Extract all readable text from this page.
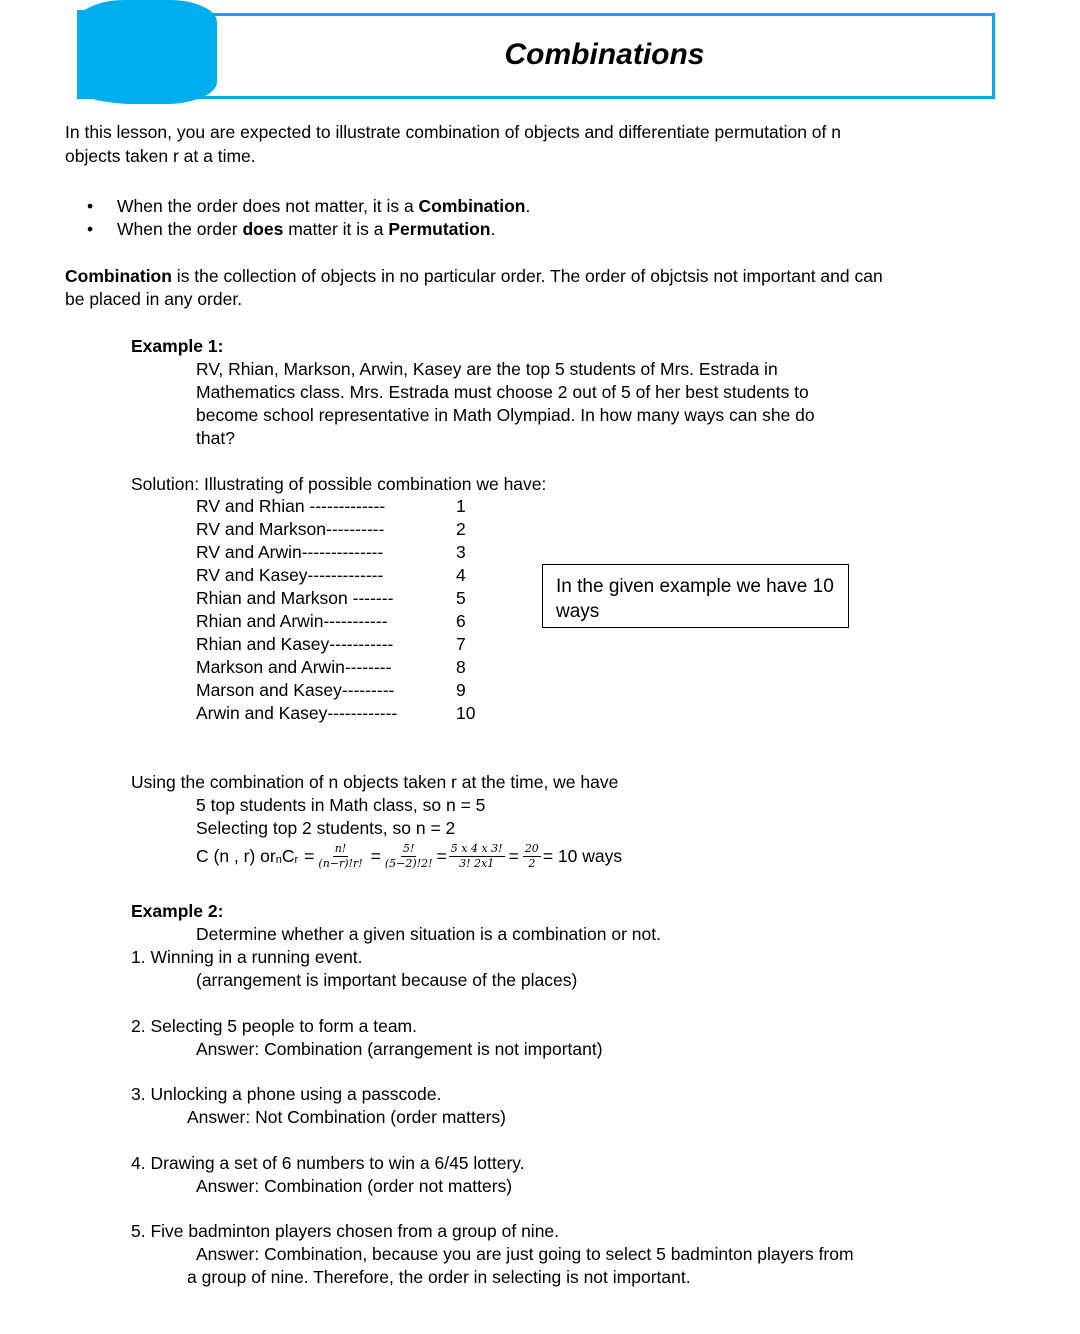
Combinations
In this lesson, you are expected to illustrate combination of objects and differentiate permutation of n
objects taken r at a time.
• When the order does not matter, it is a Combination.
• When the order does matter it is a Permutation.
Combination is the collection of objects in no particular order. The order of objctsis not important and can
be placed in any order.
Example 1:
RV, Rhian, Markson, Arwin, Kasey are the top 5 students of Mrs. Estrada in
Mathematics class. Mrs. Estrada must choose 2 out of 5 of her best students to
become school representative in Math Olympiad. In how many ways can she do
that?
Solution: Illustrating of possible combination we have:
RV and Rhian -------------	1
RV and Markson----------	2
RV and Arwin--------------	3
RV and Kasey-------------	4
Rhian and Markson -------	5
Rhian and Arwin-----------	6
Rhian and Kasey-----------	7
Markson and Arwin--------	8
Marson and Kasey---------	9
Arwin and Kasey------------	10
In the given example we have 10 ways
Using the combination of n objects taken r at the time, we have
5 top students in Math class, so n = 5
Selecting top 2 students, so n = 2
C (n , r) or n C $r = \frac{n!}{(n-r)!r!} = \frac{5!}{(5-2)!2!} = \frac{5 x 4 x 3!}{3! 2x1} = \frac{20}{2} = 10$ ways
Example 2:
Determine whether a given situation is a combination or not.
1. Winning in a running event.
(arrangement is important because of the places)
2. Selecting 5 people to form a team.
Answer: Combination (arrangement is not important)
3. Unlocking a phone using a passcode.
Answer: Not Combination (order matters)
4. Drawing a set of 6 numbers to win a 6/45 lottery.
Answer: Combination (order not matters)
5. Five badminton players chosen from a group of nine.
Answer: Combination, because you are just going to select 5 badminton players from
a group of nine. Therefore, the order in selecting is not important.
